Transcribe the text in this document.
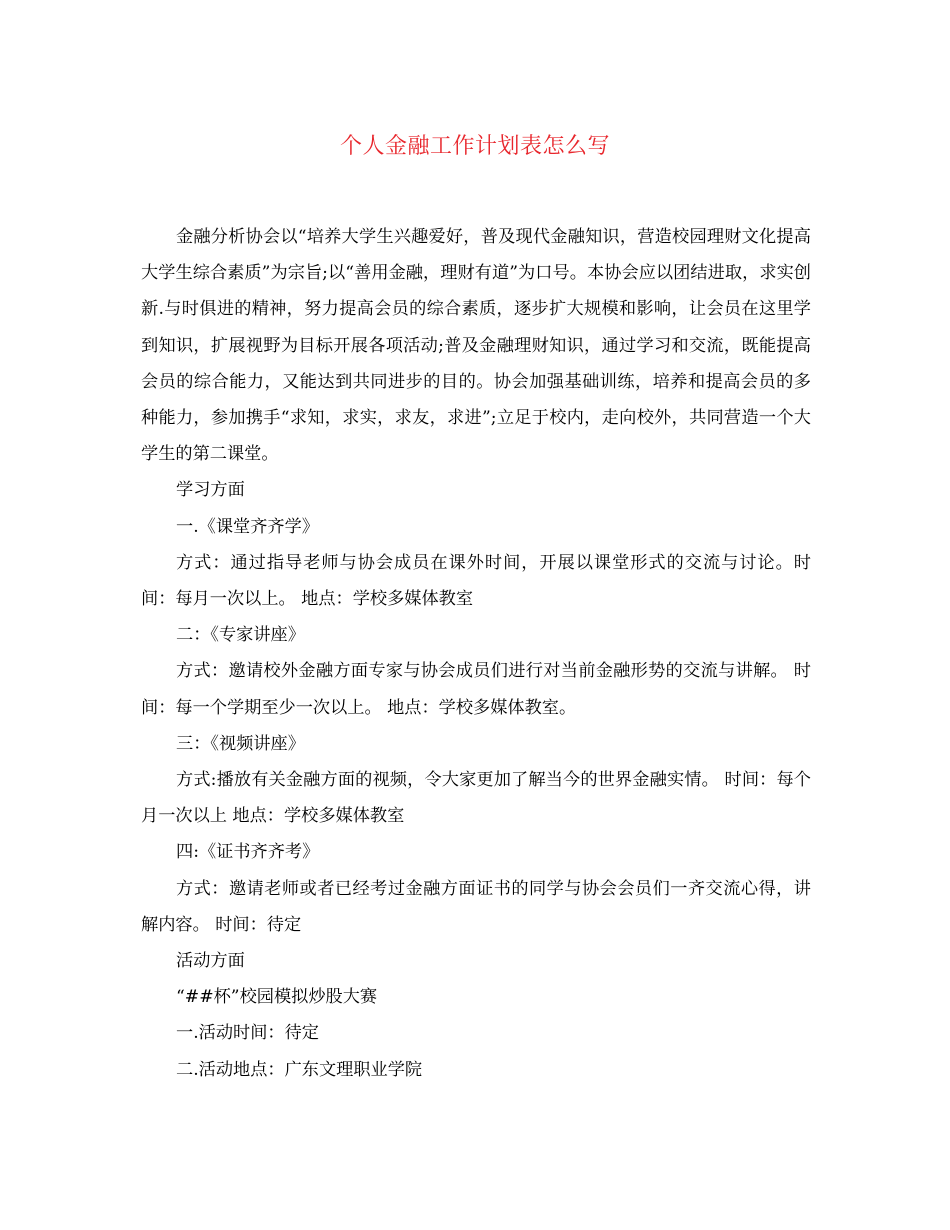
个人金融工作计划表怎么写

金融分析协会以“培养大学生兴趣爱好，普及现代金融知识，营造校园理财文化提高大学生综合素质”为宗旨;以“善用金融，理财有道”为口号。本协会应以团结进取，求实创新.与时俱进的精神，努力提高会员的综合素质，逐步扩大规模和影响，让会员在这里学到知识，扩展视野为目标开展各项活动;普及金融理财知识，通过学习和交流，既能提高会员的综合能力，又能达到共同进步的目的。协会加强基础训练，培养和提高会员的多种能力，参加携手“求知，求实，求友，求进”;立足于校内，走向校外，共同营造一个大学生的第二课堂。

学习方面

一.《课堂齐齐学》

方式：通过指导老师与协会成员在课外时间，开展以课堂形式的交流与讨论。时间：每月一次以上。 地点：学校多媒体教室

二：《专家讲座》

方式：邀请校外金融方面专家与协会成员们进行对当前金融形势的交流与讲解。 时间：每一个学期至少一次以上。 地点：学校多媒体教室。

三：《视频讲座》

方式:播放有关金融方面的视频，令大家更加了解当今的世界金融实情。 时间：每个月一次以上 地点：学校多媒体教室

四:《证书齐齐考》

方式：邀请老师或者已经考过金融方面证书的同学与协会会员们一齐交流心得，讲解内容。 时间：待定

活动方面

“##杯”校园模拟炒股大赛

一.活动时间：待定

二.活动地点：广东文理职业学院
